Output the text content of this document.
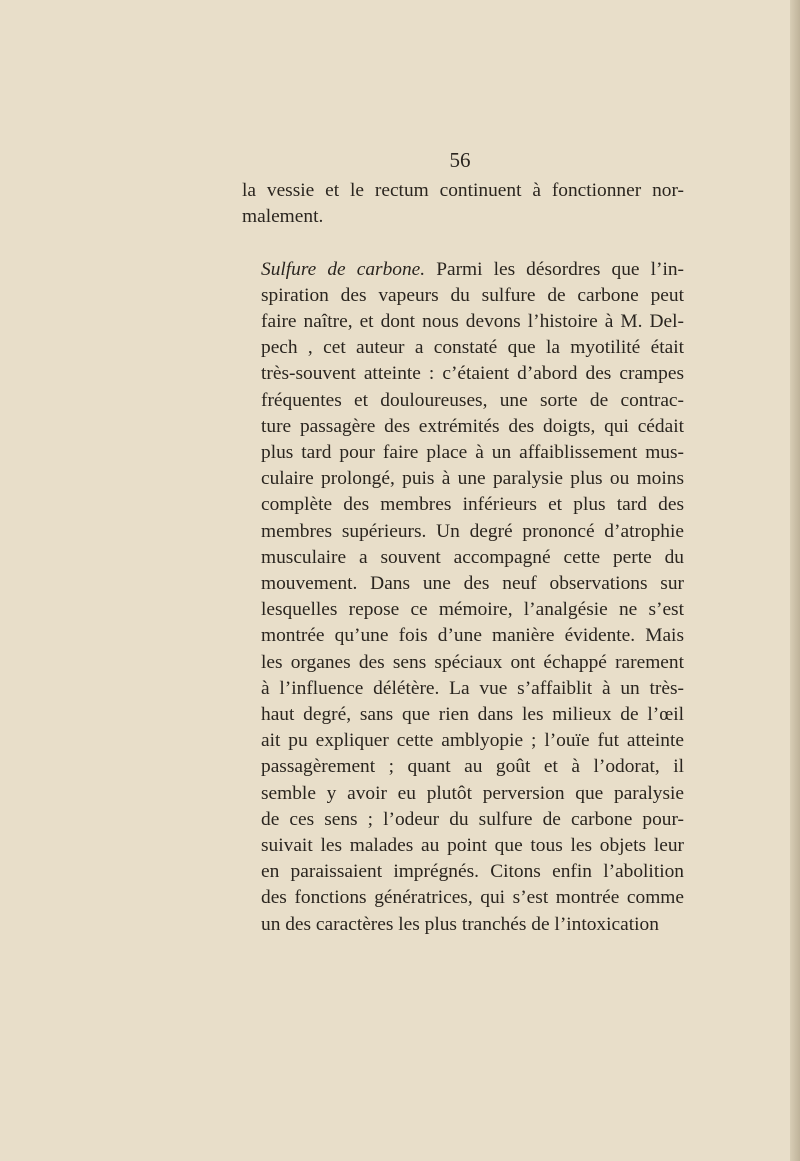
56

la vessie et le rectum continuent à fonctionner nor-
malement.

Sulfure de carbone. Parmi les désordres que l’in-
spiration des vapeurs du sulfure de carbone peut
faire naître, et dont nous devons l’histoire à M. Del-
pech , cet auteur a constaté que la myotilité était
très-souvent atteinte : c’étaient d’abord des crampes
fréquentes et douloureuses, une sorte de contrac-
ture passagère des extrémités des doigts, qui cédait
plus tard pour faire place à un affaiblissement mus-
culaire prolongé, puis à une paralysie plus ou moins
complète des membres inférieurs et plus tard des
membres supérieurs. Un degré prononcé d’atrophie
musculaire a souvent accompagné cette perte du
mouvement. Dans une des neuf observations sur
lesquelles repose ce mémoire, l’analgésie ne s’est
montrée qu’une fois d’une manière évidente. Mais
les organes des sens spéciaux ont échappé rarement
à l’influence délétère. La vue s’affaiblit à un très-
haut degré, sans que rien dans les milieux de l’œil
ait pu expliquer cette amblyopie ; l’ouïe fut atteinte
passagèrement ; quant au goût et à l’odorat, il
semble y avoir eu plutôt perversion que paralysie
de ces sens ; l’odeur du sulfure de carbone pour-
suivait les malades au point que tous les objets leur
en paraissaient imprégnés. Citons enfin l’abolition
des fonctions génératrices, qui s’est montrée comme
un des caractères les plus tranchés de l’intoxication
